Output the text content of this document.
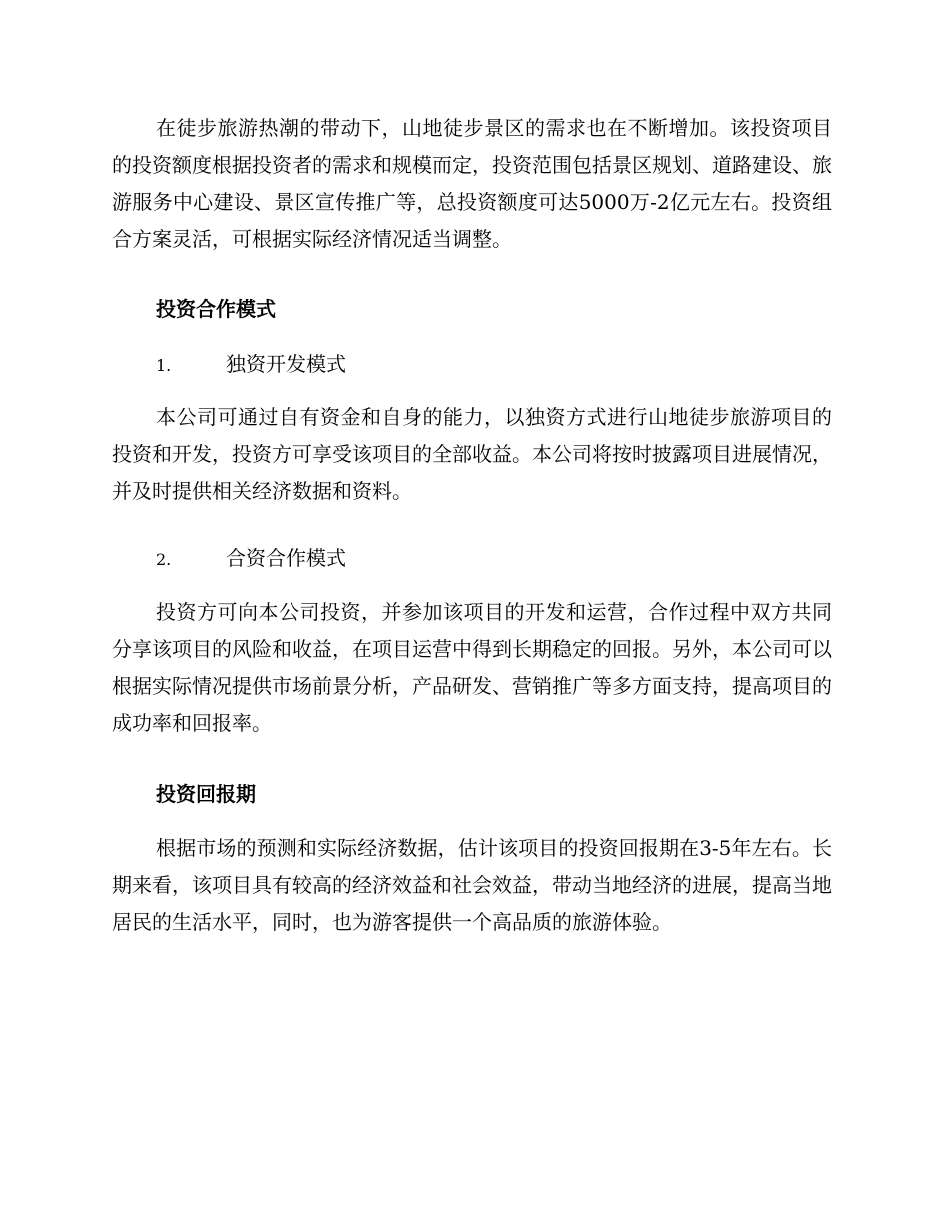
在徒步旅游热潮的带动下，山地徒步景区的需求也在不断增加。该投资项目的投资额度根据投资者的需求和规模而定，投资范围包括景区规划、道路建设、旅游服务中心建设、景区宣传推广等，总投资额度可达5000万-2亿元左右。投资组合方案灵活，可根据实际经济情况适当调整。

投资合作模式
1.	独资开发模式

本公司可通过自有资金和自身的能力，以独资方式进行山地徒步旅游项目的投资和开发，投资方可享受该项目的全部收益。本公司将按时披露项目进展情况，并及时提供相关经济数据和资料。

2.	合资合作模式

投资方可向本公司投资，并参加该项目的开发和运营，合作过程中双方共同分享该项目的风险和收益，在项目运营中得到长期稳定的回报。另外，本公司可以根据实际情况提供市场前景分析，产品研发、营销推广等多方面支持，提高项目的成功率和回报率。

投资回报期

根据市场的预测和实际经济数据，估计该项目的投资回报期在3-5年左右。长期来看，该项目具有较高的经济效益和社会效益，带动当地经济的进展，提高当地居民的生活水平，同时，也为游客提供一个高品质的旅游体验。
